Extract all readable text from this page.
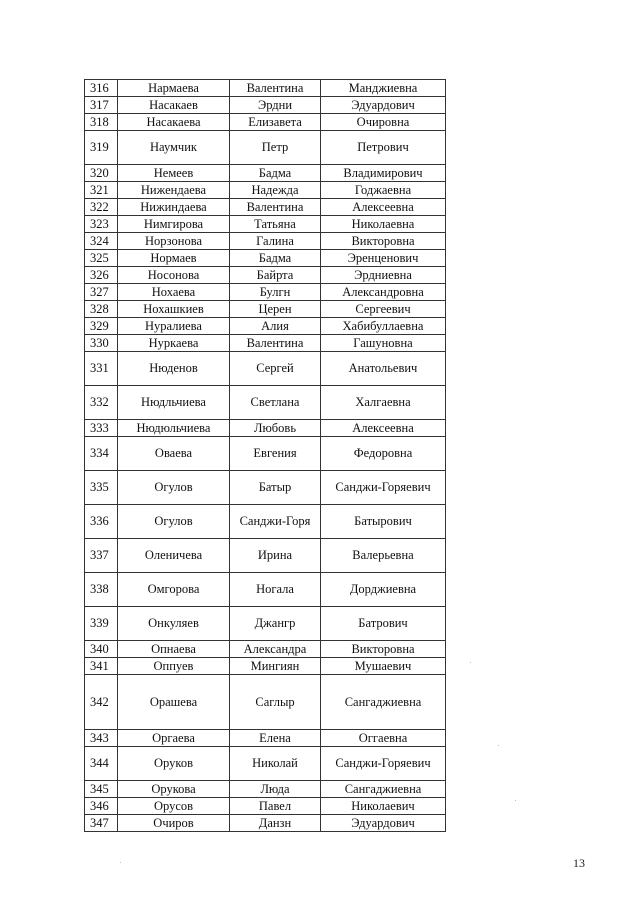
316	Нармаева	Валентина	Манджиевна
317	Насакаев	Эрдни	Эдуардович
318	Насакаева	Елизавета	Очировна
319	Наумчик	Петр	Петрович
320	Немеев	Бадма	Владимирович
321	Нижендаева	Надежда	Годжаевна
322	Нижиндаева	Валентина	Алексеевна
323	Нимгирова	Татьяна	Николаевна
324	Норзонова	Галина	Викторовна
325	Нормаев	Бадма	Эренценович
326	Носонова	Байрта	Эрдниевна
327	Нохаева	Булгн	Александровна
328	Нохашкиев	Церен	Сергеевич
329	Нуралиева	Алия	Хабибуллаевна
330	Нуркаева	Валентина	Гашуновна
331	Нюденов	Сергей	Анатольевич
332	Нюдльчиева	Светлана	Халгаевна
333	Нюдюльчиева	Любовь	Алексеевна
334	Оваева	Евгения	Федоровна
335	Огулов	Батыр	Санджи-Горяевич
336	Огулов	Санджи-Горя	Батырович
337	Оленичева	Ирина	Валерьевна
338	Омгорова	Ногала	Дорджиевна
339	Онкуляев	Джангр	Батрович
340	Опнаева	Александра	Викторовна
341	Оппуев	Мингиян	Мушаевич
342	Орашева	Саглыр	Сангаджиевна
343	Оргаева	Елена	Оггаевна
344	Оруков	Николай	Санджи-Горяевич
345	Орукова	Люда	Сангаджиевна
346	Орусов	Павел	Николаевич
347	Очиров	Данзн	Эдуардович
13
